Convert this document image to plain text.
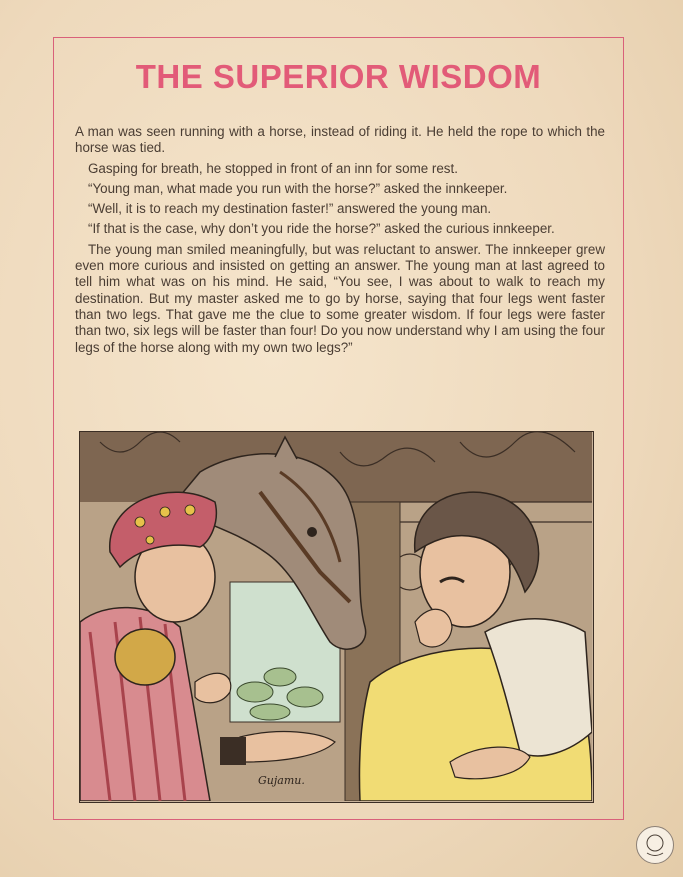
THE SUPERIOR WISDOM

A man was seen running with a horse, instead of riding it. He held the rope to which the horse was tied.

Gasping for breath, he stopped in front of an inn for some rest.

“Young man, what made you run with the horse?” asked the innkeeper.

“Well, it is to reach my destination faster!” answered the young man.

“If that is the case, why don’t you ride the horse?” asked the curious innkeeper.

The young man smiled meaningfully, but was reluctant to answer. The innkeeper grew even more curious and insisted on getting an answer. The young man at last agreed to tell him what was on his mind. He said, “You see, I was about to walk to reach my destination. But my master asked me to go by horse, saying that four legs went faster than two legs. That gave me the clue to some greater wisdom. If four legs were faster than two, six legs will be faster than four! Do you now understand why I am using the four legs of the horse along with my own two legs?”

Gujamu.
